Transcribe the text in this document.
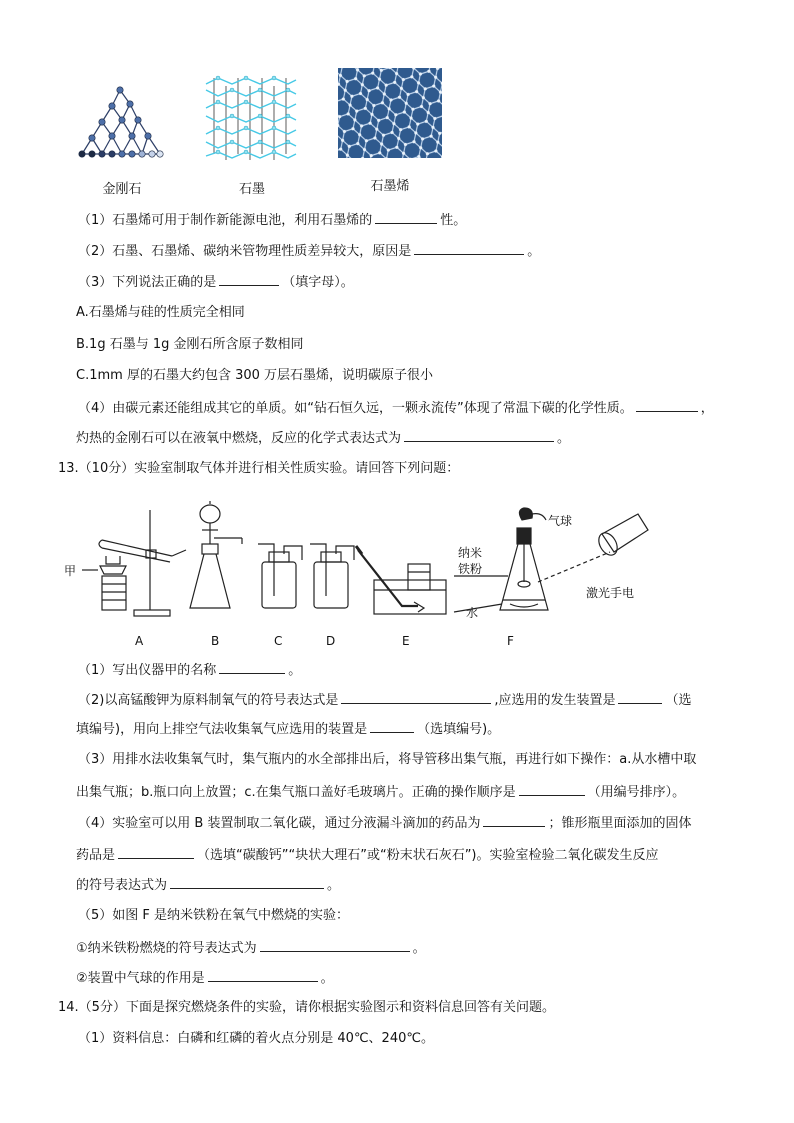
金刚石	石墨	石墨烯
（1）石墨烯可用于制作新能源电池，利用石墨烯的	性。
（2）石墨、石墨烯、碳纳米管物理性质差异较大，原因是	。
（3）下列说法正确的是	（填字母）。
A.石墨烯与硅的性质完全相同
B.1g 石墨与 1g 金刚石所含原子数相同
C.1mm 厚的石墨大约包含 300 万层石墨烯，说明碳原子很小
（4）由碳元素还能组成其它的单质。如“钻石恒久远，一颗永流传”体现了常温下碳的化学性质。	，
灼热的金刚石可以在液氧中燃烧，反应的化学式表达式为	。
13.（10分）实验室制取气体并进行相关性质实验。请回答下列问题：
甲
气球
纳米
铁粉
水
激光手电
A	B	C	D	E	F
（1）写出仪器甲的名称	。
（2)以高锰酸钾为原料制氧气的符号表达式是	,应选用的发生装置是	（选
填编号)，用向上排空气法收集氧气应选用的装置是	（选填编号)。
（3）用排水法收集氧气时，集气瓶内的水全部排出后，将导管移出集气瓶，再进行如下操作：a.从水槽中取
出集气瓶；b.瓶口向上放置；c.在集气瓶口盖好毛玻璃片。正确的操作顺序是	（用编号排序）。
（4）实验室可以用 B 装置制取二氧化碳，通过分液漏斗滴加的药品为	；锥形瓶里面添加的固体
药品是	（选填“碳酸钙”“块状大理石”或“粉末状石灰石”)。实验室检验二氧化碳发生反应
的符号表达式为	。
（5）如图 F 是纳米铁粉在氧气中燃烧的实验：
①纳米铁粉燃烧的符号表达式为	。
②装置中气球的作用是	。
14.（5分）下面是探究燃烧条件的实验，请你根据实验图示和资料信息回答有关问题。
（1）资料信息：白磷和红磷的着火点分别是 40℃、240℃。
